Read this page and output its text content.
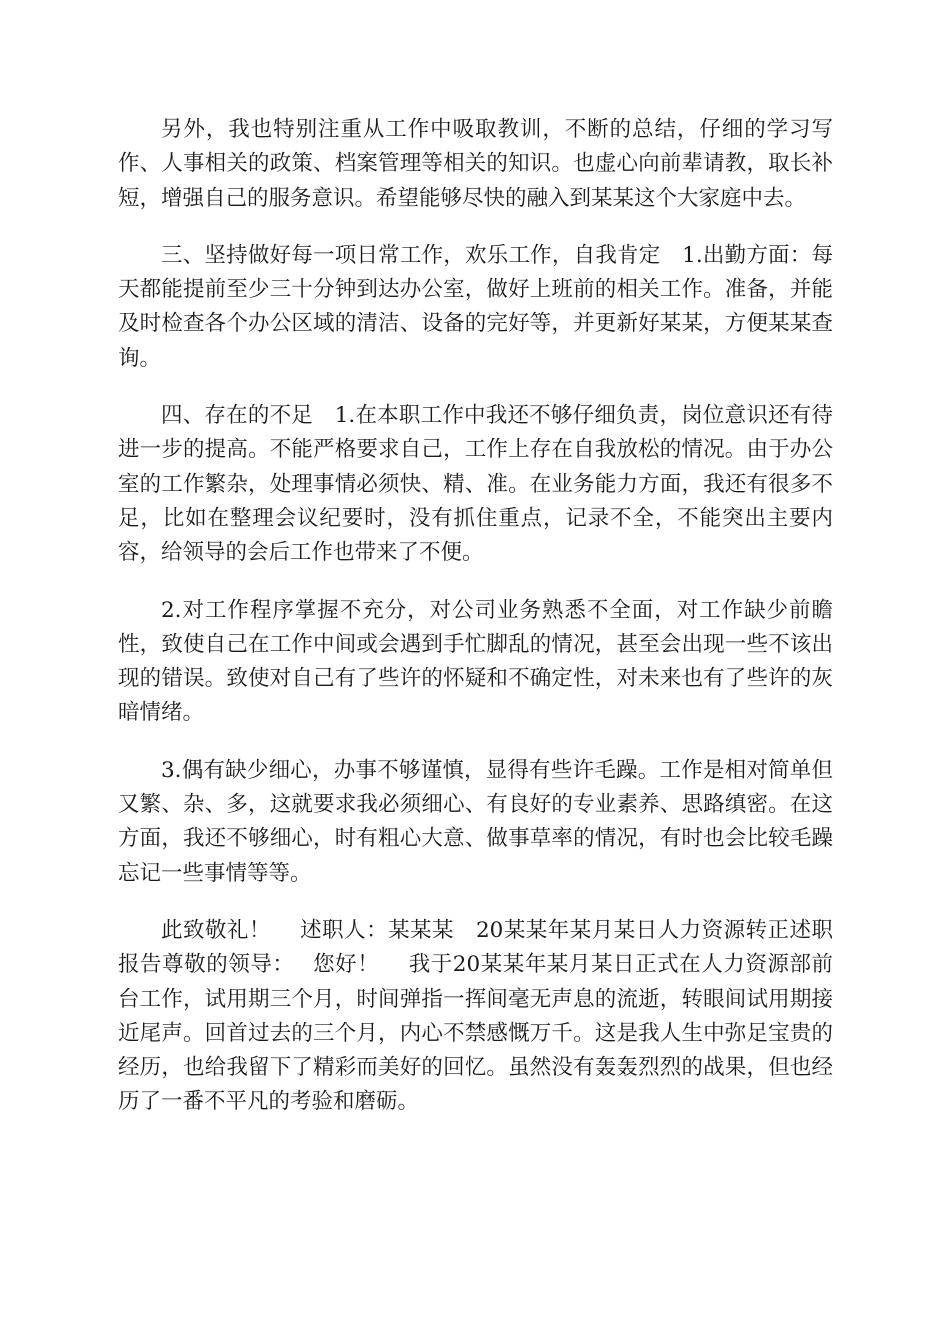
另外，我也特别注重从工作中吸取教训，不断的总结，仔细的学习写作、人事相关的政策、档案管理等相关的知识。也虚心向前辈请教，取长补短，增强自己的服务意识。希望能够尽快的融入到某某这个大家庭中去。

三、坚持做好每一项日常工作，欢乐工作，自我肯定　1.出勤方面：每天都能提前至少三十分钟到达办公室，做好上班前的相关工作。准备，并能及时检查各个办公区域的清洁、设备的完好等，并更新好某某，方便某某查询。

四、存在的不足　1.在本职工作中我还不够仔细负责，岗位意识还有待进一步的提高。不能严格要求自己，工作上存在自我放松的情况。由于办公室的工作繁杂，处理事情必须快、精、准。在业务能力方面，我还有很多不足，比如在整理会议纪要时，没有抓住重点，记录不全，不能突出主要内容，给领导的会后工作也带来了不便。

2.对工作程序掌握不充分，对公司业务熟悉不全面，对工作缺少前瞻性，致使自己在工作中间或会遇到手忙脚乱的情况，甚至会出现一些不该出现的错误。致使对自己有了些许的怀疑和不确定性，对未来也有了些许的灰暗情绪。

3.偶有缺少细心，办事不够谨慎，显得有些许毛躁。工作是相对简单但又繁、杂、多，这就要求我必须细心、有良好的专业素养、思路缜密。在这方面，我还不够细心，时有粗心大意、做事草率的情况，有时也会比较毛躁忘记一些事情等等。

此致敬礼！　 述职人：某某某　20某某年某月某日人力资源转正述职报告尊敬的领导：　 您好！　 我于20某某年某月某日正式在人力资源部前台工作，试用期三个月，时间弹指一挥间毫无声息的流逝，转眼间试用期接近尾声。回首过去的三个月，内心不禁感慨万千。这是我人生中弥足宝贵的经历，也给我留下了精彩而美好的回忆。虽然没有轰轰烈烈的战果，但也经历了一番不平凡的考验和磨砺。
